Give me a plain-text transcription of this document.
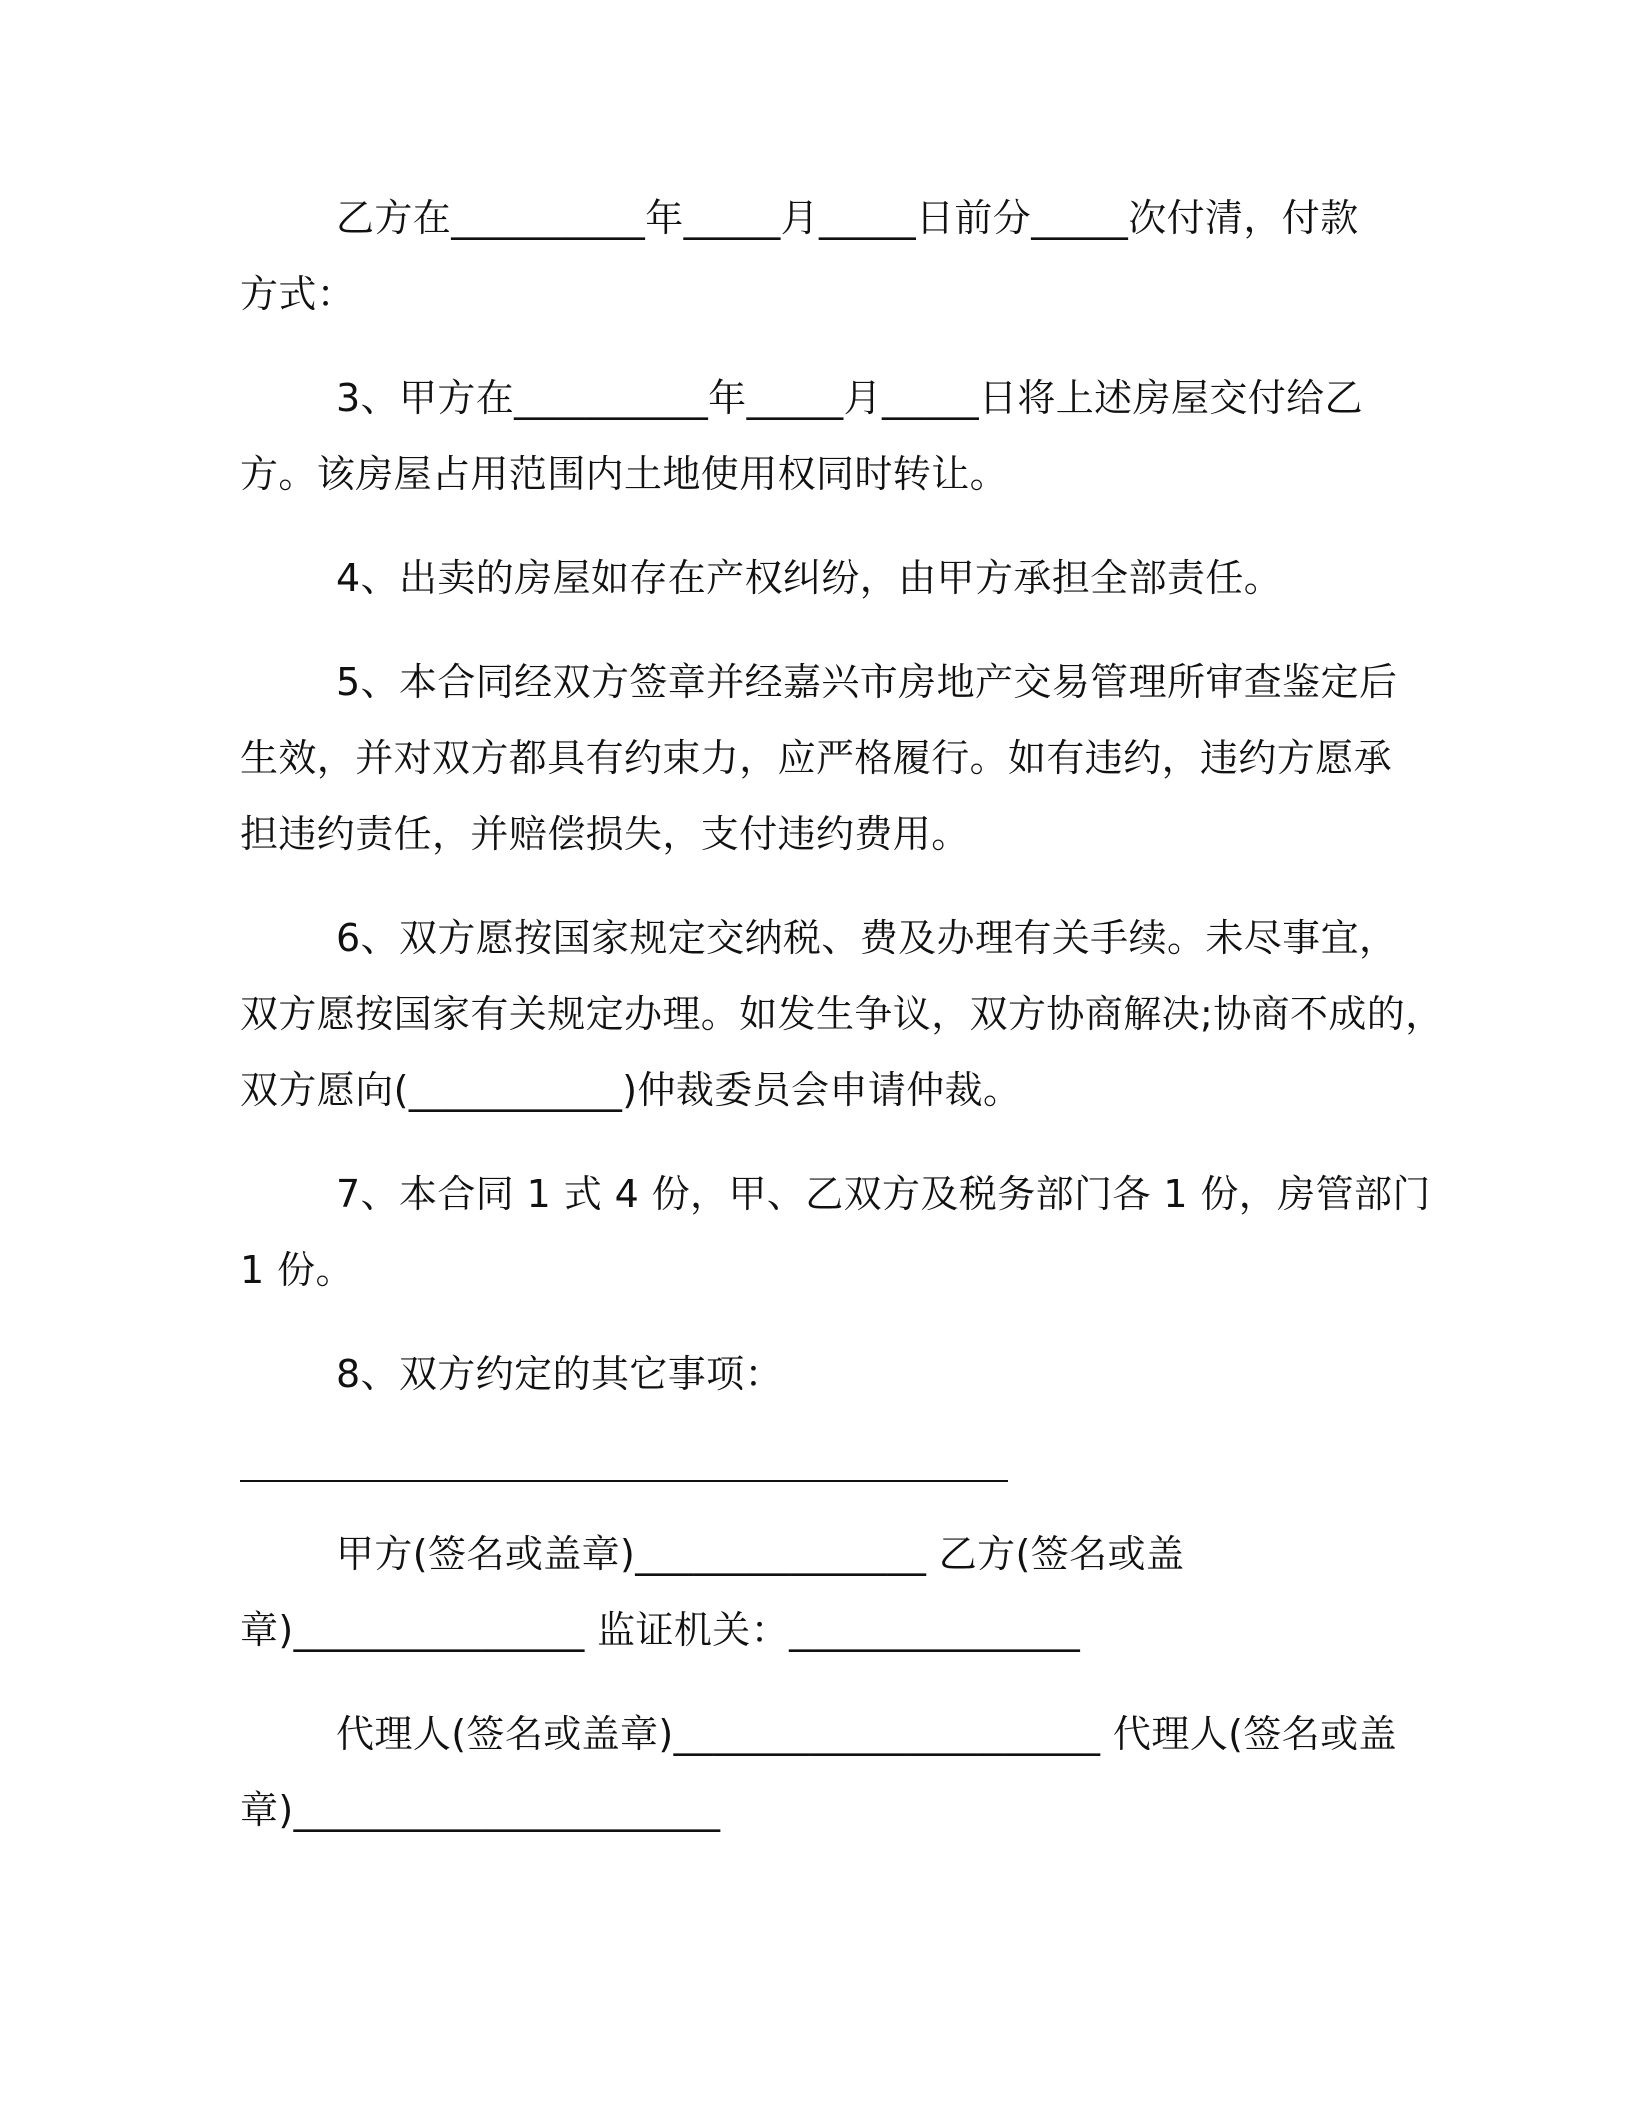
乙方在__________年_____月_____日前分_____次付清，付款
方式：
3、甲方在__________年_____月_____日将上述房屋交付给乙
方。该房屋占用范围内土地使用权同时转让。
4、出卖的房屋如存在产权纠纷，由甲方承担全部责任。
5、本合同经双方签章并经嘉兴市房地产交易管理所审查鉴定后
生效，并对双方都具有约束力，应严格履行。如有违约，违约方愿承
担违约责任，并赔偿损失，支付违约费用。
6、双方愿按国家规定交纳税、费及办理有关手续。未尽事宜，
双方愿按国家有关规定办理。如发生争议，双方协商解决;协商不成的，
双方愿向(___________)仲裁委员会申请仲裁。
7、本合同 1 式 4 份，甲、乙双方及税务部门各 1 份，房管部门
1 份。
8、双方约定的其它事项：
甲方(签名或盖章)_______________ 乙方(签名或盖
章)_______________ 监证机关：_______________
代理人(签名或盖章)______________________ 代理人(签名或盖
章)______________________
